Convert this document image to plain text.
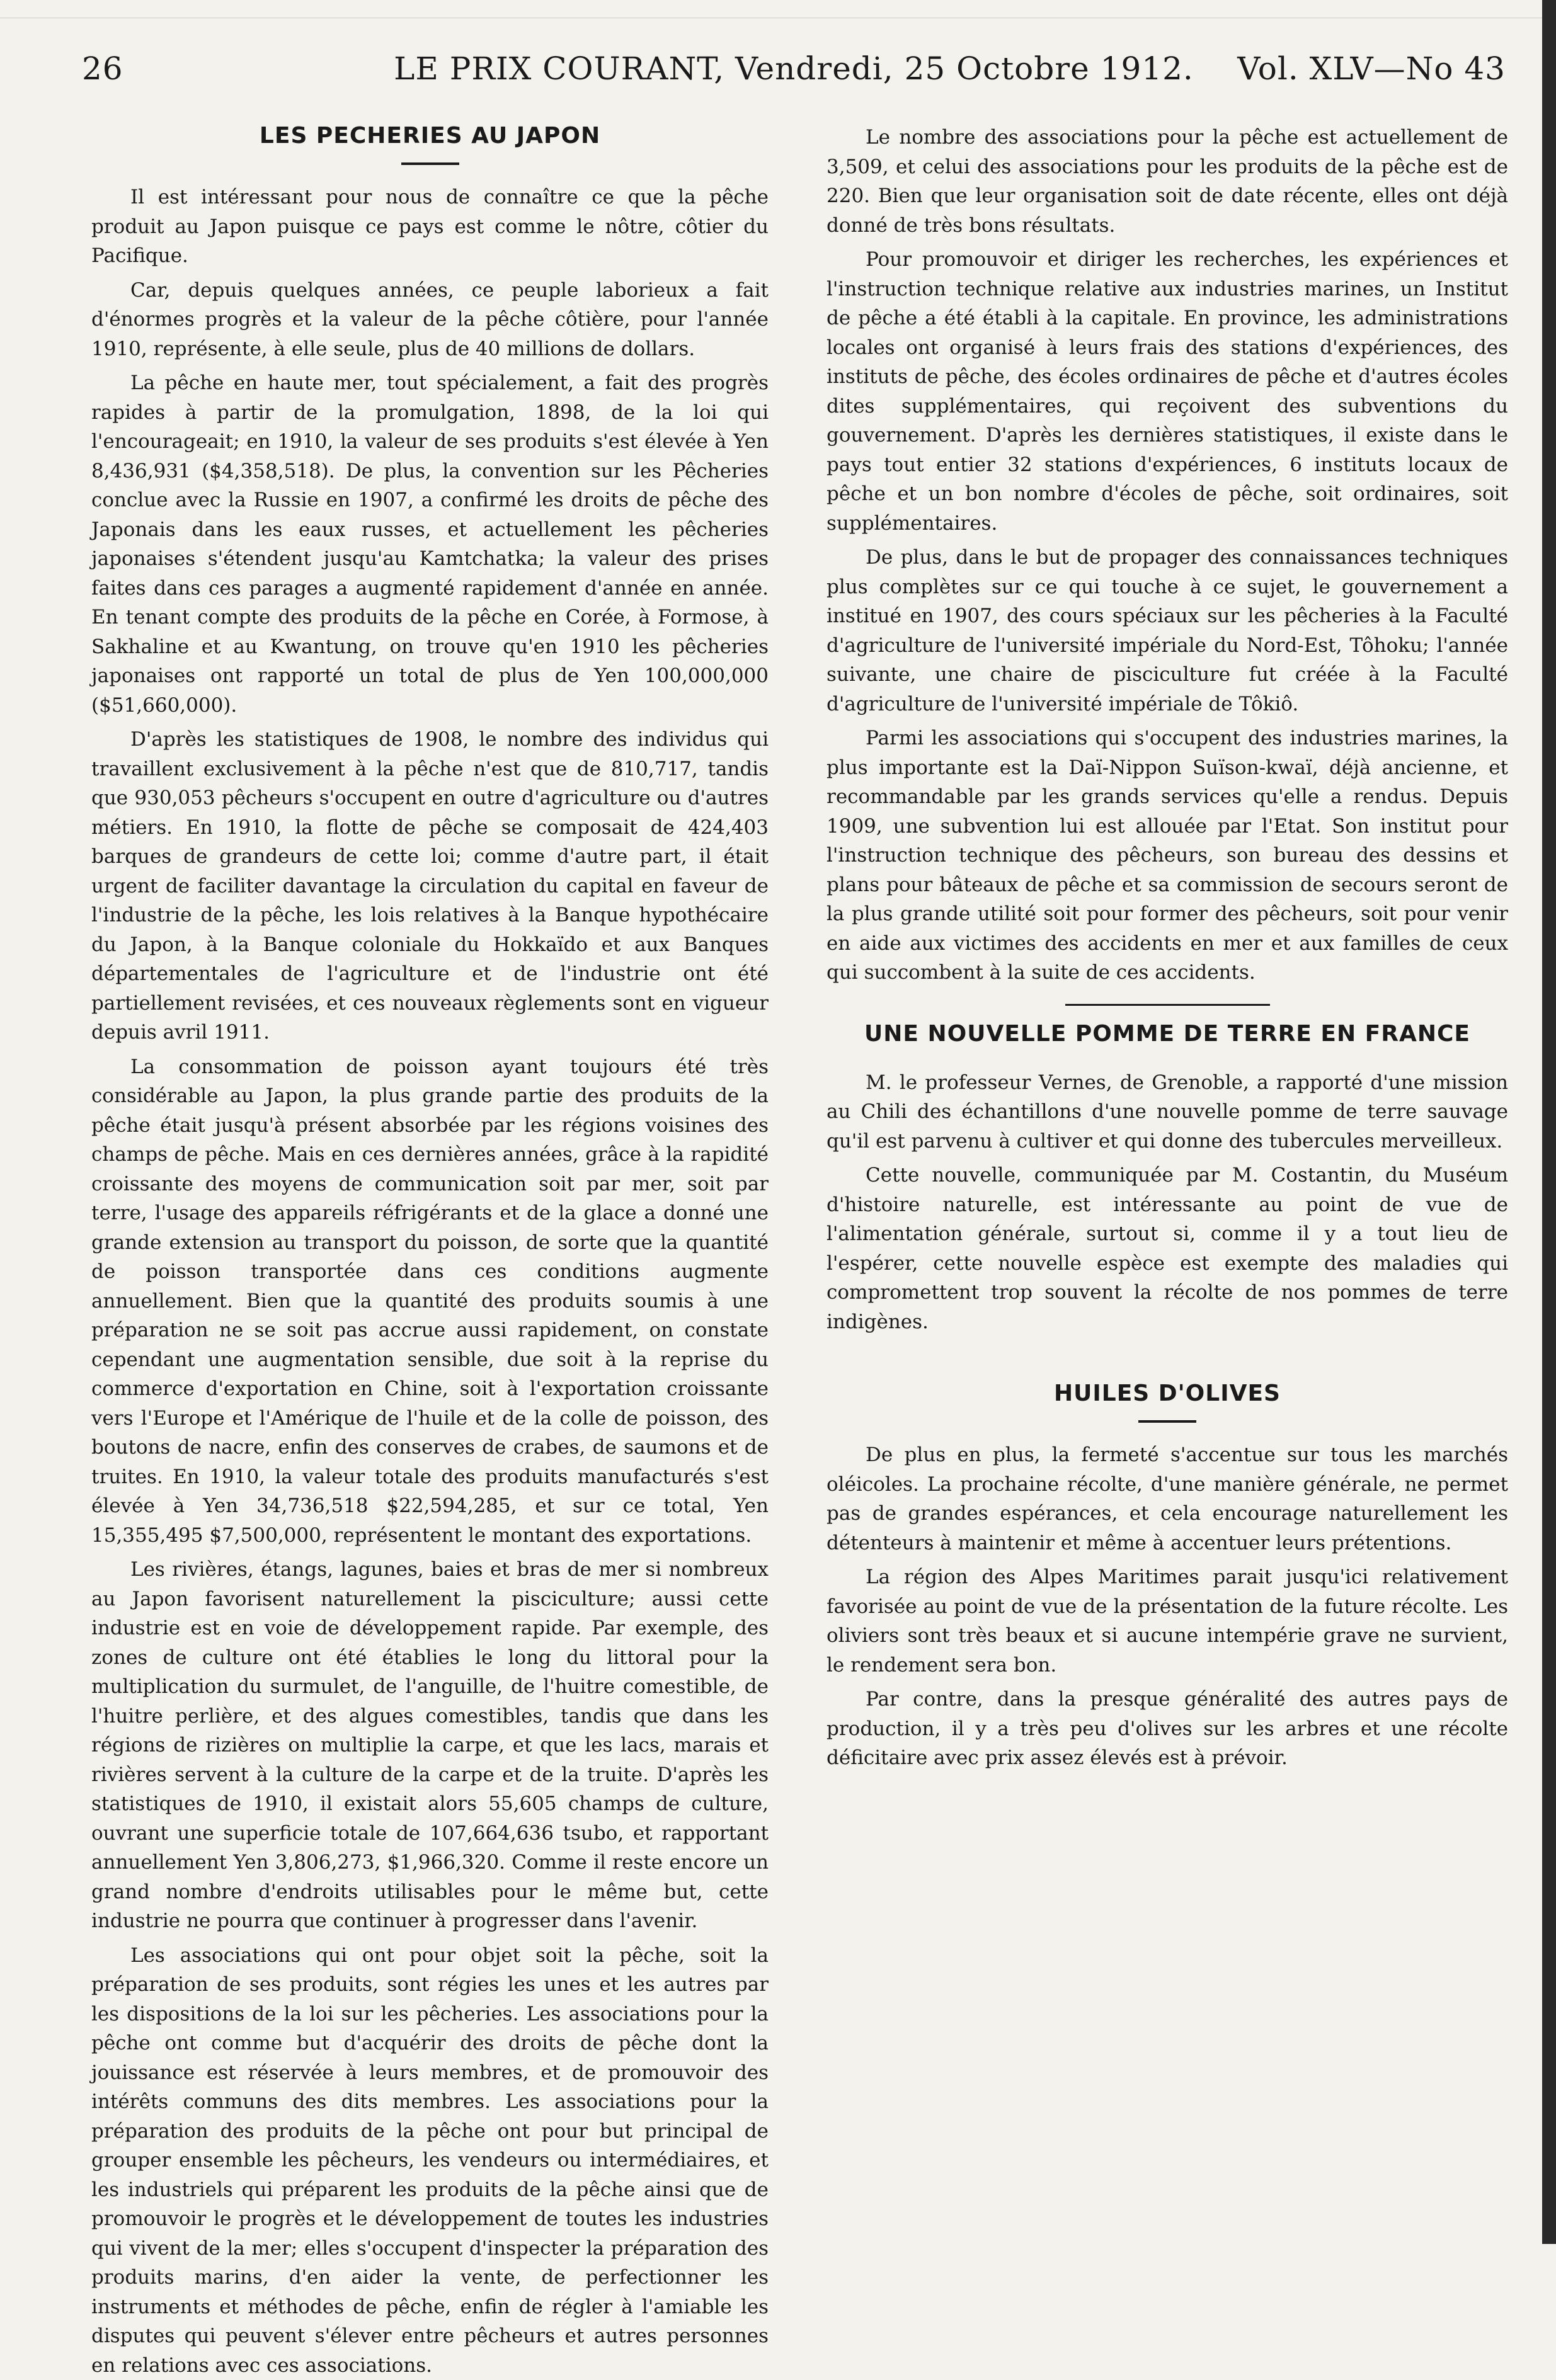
26	LE PRIX COURANT, Vendredi, 25 Octobre 1912.	Vol. XLV—No 43
LES PECHERIES AU JAPON

Il est intéressant pour nous de connaître ce que la pêche produit au Japon puisque ce pays est comme le nôtre, côtier du Pacifique.

Car, depuis quelques années, ce peuple laborieux a fait d'énormes progrès et la valeur de la pêche côtière, pour l'année 1910, représente, à elle seule, plus de 40 millions de dollars.

La pêche en haute mer, tout spécialement, a fait des progrès rapides à partir de la promulgation, 1898, de la loi qui l'encourageait; en 1910, la valeur de ses produits s'est élevée à Yen 8,436,931 ($4,358,518). De plus, la convention sur les Pêcheries conclue avec la Russie en 1907, a confirmé les droits de pêche des Japonais dans les eaux russes, et actuellement les pêcheries japonaises s'étendent jusqu'au Kamtchatka; la valeur des prises faites dans ces parages a augmenté rapidement d'année en année. En tenant compte des produits de la pêche en Corée, à Formose, à Sakhaline et au Kwantung, on trouve qu'en 1910 les pêcheries japonaises ont rapporté un total de plus de Yen 100,000,000 ($51,660,000).

D'après les statistiques de 1908, le nombre des individus qui travaillent exclusivement à la pêche n'est que de 810,717, tandis que 930,053 pêcheurs s'occupent en outre d'agriculture ou d'autres métiers. En 1910, la flotte de pêche se composait de 424,403 barques de grandeurs de cette loi; comme d'autre part, il était urgent de faciliter davantage la circulation du capital en faveur de l'industrie de la pêche, les lois relatives à la Banque hypothécaire du Japon, à la Banque coloniale du Hokkaïdo et aux Banques départementales de l'agriculture et de l'industrie ont été partiellement revisées, et ces nouveaux règlements sont en vigueur depuis avril 1911.

La consommation de poisson ayant toujours été très considérable au Japon, la plus grande partie des produits de la pêche était jusqu'à présent absorbée par les régions voisines des champs de pêche. Mais en ces dernières années, grâce à la rapidité croissante des moyens de communication soit par mer, soit par terre, l'usage des appareils réfrigérants et de la glace a donné une grande extension au transport du poisson, de sorte que la quantité de poisson transportée dans ces conditions augmente annuellement. Bien que la quantité des produits soumis à une préparation ne se soit pas accrue aussi rapidement, on constate cependant une augmentation sensible, due soit à la reprise du commerce d'exportation en Chine, soit à l'exportation croissante vers l'Europe et l'Amérique de l'huile et de la colle de poisson, des boutons de nacre, enfin des conserves de crabes, de saumons et de truites. En 1910, la valeur totale des produits manufacturés s'est élevée à Yen 34,736,518 $22,594,285, et sur ce total, Yen 15,355,495 $7,500,000, représentent le montant des exportations.

Les rivières, étangs, lagunes, baies et bras de mer si nombreux au Japon favorisent naturellement la pisciculture; aussi cette industrie est en voie de développement rapide. Par exemple, des zones de culture ont été établies le long du littoral pour la multiplication du surmulet, de l'anguille, de l'huitre comestible, de l'huitre perlière, et des algues comestibles, tandis que dans les régions de rizières on multiplie la carpe, et que les lacs, marais et rivières servent à la culture de la carpe et de la truite. D'après les statistiques de 1910, il existait alors 55,605 champs de culture, ouvrant une superficie totale de 107,664,636 tsubo, et rapportant annuellement Yen 3,806,273, $1,966,320. Comme il reste encore un grand nombre d'endroits utilisables pour le même but, cette industrie ne pourra que continuer à progresser dans l'avenir.

Les associations qui ont pour objet soit la pêche, soit la préparation de ses produits, sont régies les unes et les autres par les dispositions de la loi sur les pêcheries. Les associations pour la pêche ont comme but d'acquérir des droits de pêche dont la jouissance est réservée à leurs membres, et de promouvoir des intérêts communs des dits membres. Les associations pour la préparation des produits de la pêche ont pour but principal de grouper ensemble les pêcheurs, les vendeurs ou intermédiaires, et les industriels qui préparent les produits de la pêche ainsi que de promouvoir le progrès et le développement de toutes les industries qui vivent de la mer; elles s'occupent d'inspecter la préparation des produits marins, d'en aider la vente, de perfectionner les instruments et méthodes de pêche, enfin de régler à l'amiable les disputes qui peuvent s'élever entre pêcheurs et autres personnes en relations avec ces associations.

Le nombre des associations pour la pêche est actuellement de 3,509, et celui des associations pour les produits de la pêche est de 220. Bien que leur organisation soit de date récente, elles ont déjà donné de très bons résultats.

Pour promouvoir et diriger les recherches, les expériences et l'instruction technique relative aux industries marines, un Institut de pêche a été établi à la capitale. En province, les administrations locales ont organisé à leurs frais des stations d'expériences, des instituts de pêche, des écoles ordinaires de pêche et d'autres écoles dites supplémentaires, qui reçoivent des subventions du gouvernement. D'après les dernières statistiques, il existe dans le pays tout entier 32 stations d'expériences, 6 instituts locaux de pêche et un bon nombre d'écoles de pêche, soit ordinaires, soit supplémentaires.

De plus, dans le but de propager des connaissances techniques plus complètes sur ce qui touche à ce sujet, le gouvernement a institué en 1907, des cours spéciaux sur les pêcheries à la Faculté d'agriculture de l'université impériale du Nord-Est, Tôhoku; l'année suivante, une chaire de pisciculture fut créée à la Faculté d'agriculture de l'université impériale de Tôkiô.

Parmi les associations qui s'occupent des industries marines, la plus importante est la Daï-Nippon Suïson-kwaï, déjà ancienne, et recommandable par les grands services qu'elle a rendus. Depuis 1909, une subvention lui est allouée par l'Etat. Son institut pour l'instruction technique des pêcheurs, son bureau des dessins et plans pour bâteaux de pêche et sa commission de secours seront de la plus grande utilité soit pour former des pêcheurs, soit pour venir en aide aux victimes des accidents en mer et aux familles de ceux qui succombent à la suite de ces accidents.

UNE NOUVELLE POMME DE TERRE EN FRANCE

M. le professeur Vernes, de Grenoble, a rapporté d'une mission au Chili des échantillons d'une nouvelle pomme de terre sauvage qu'il est parvenu à cultiver et qui donne des tubercules merveilleux.

Cette nouvelle, communiquée par M. Costantin, du Muséum d'histoire naturelle, est intéressante au point de vue de l'alimentation générale, surtout si, comme il y a tout lieu de l'espérer, cette nouvelle espèce est exempte des maladies qui compromettent trop souvent la récolte de nos pommes de terre indigènes.

HUILES D'OLIVES

De plus en plus, la fermeté s'accentue sur tous les marchés oléicoles. La prochaine récolte, d'une manière générale, ne permet pas de grandes espérances, et cela encourage naturellement les détenteurs à maintenir et même à accentuer leurs prétentions.

La région des Alpes Maritimes parait jusqu'ici relativement favorisée au point de vue de la présentation de la future récolte. Les oliviers sont très beaux et si aucune intempérie grave ne survient, le rendement sera bon.

Par contre, dans la presque généralité des autres pays de production, il y a très peu d'olives sur les arbres et une récolte déficitaire avec prix assez élevés est à prévoir.
